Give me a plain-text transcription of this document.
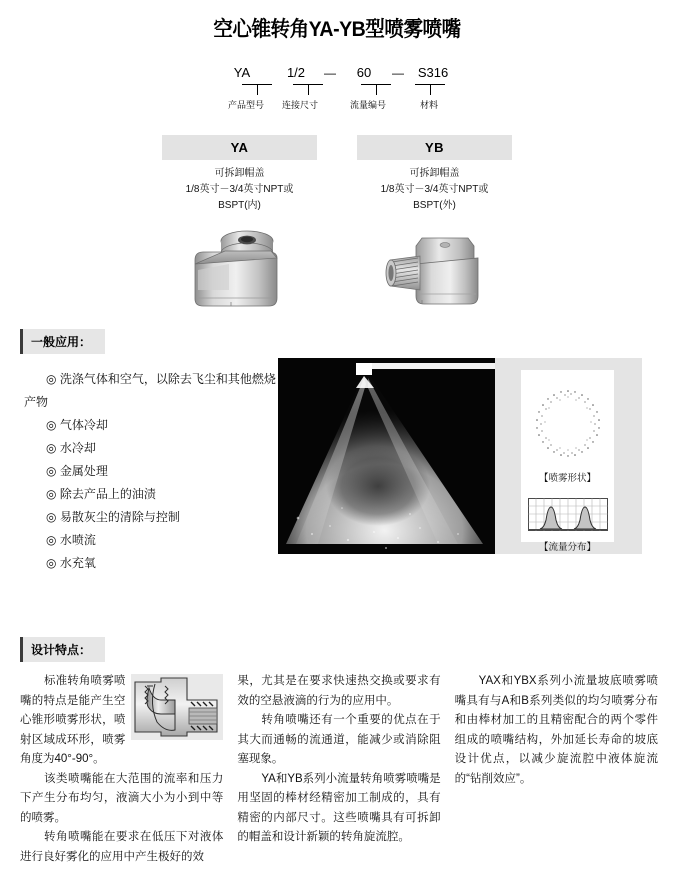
空心锥转角YA-YB型喷雾喷嘴
YA	1/2	—	60	—	S316
产品型号	连接尺寸	流量编号	材料
YA
可拆卸帽盖
1/8英寸－3/4英寸NPT或
BSPT(内)
YB
可拆卸帽盖
1/8英寸－3/4英寸NPT或
BSPT(外)
一般应用：
◎ 洗涤气体和空气，以除去飞尘和其他燃烧产物
◎ 气体冷却
◎ 水冷却
◎ 金属处理
◎ 除去产品上的油渍
◎ 易散灰尘的清除与控制
◎ 水喷流
◎ 水充氧
【喷雾形状】
【流量分布】
设计特点：

标准转角喷雾喷嘴的特点是能产生空心锥形喷雾形状，喷射区域成环形，喷雾角度为40°-90°。

该类喷嘴能在大范围的流率和压力下产生分布均匀，液滴大小为小到中等的喷雾。

转角喷嘴能在要求在低压下对液体进行良好雾化的应用中产生极好的效

果，尤其是在要求快速热交换或要求有效的空悬液滴的行为的应用中。

转角喷嘴还有一个重要的优点在于其大而通畅的流通道，能减少或消除阻塞现象。

YA和YB系列小流量转角喷雾喷嘴是用坚固的棒材经精密加工制成的，具有精密的内部尺寸。这些喷嘴具有可拆卸的帽盖和设计新颖的转角旋流腔。

YAX和YBX系列小流量坡底喷雾喷嘴具有与A和B系列类似的均匀喷雾分布和由棒材加工的且精密配合的两个零件组成的喷嘴结构，外加延长寿命的坡底设计优点，以减少旋流腔中液体旋流的“钻削效应”。
